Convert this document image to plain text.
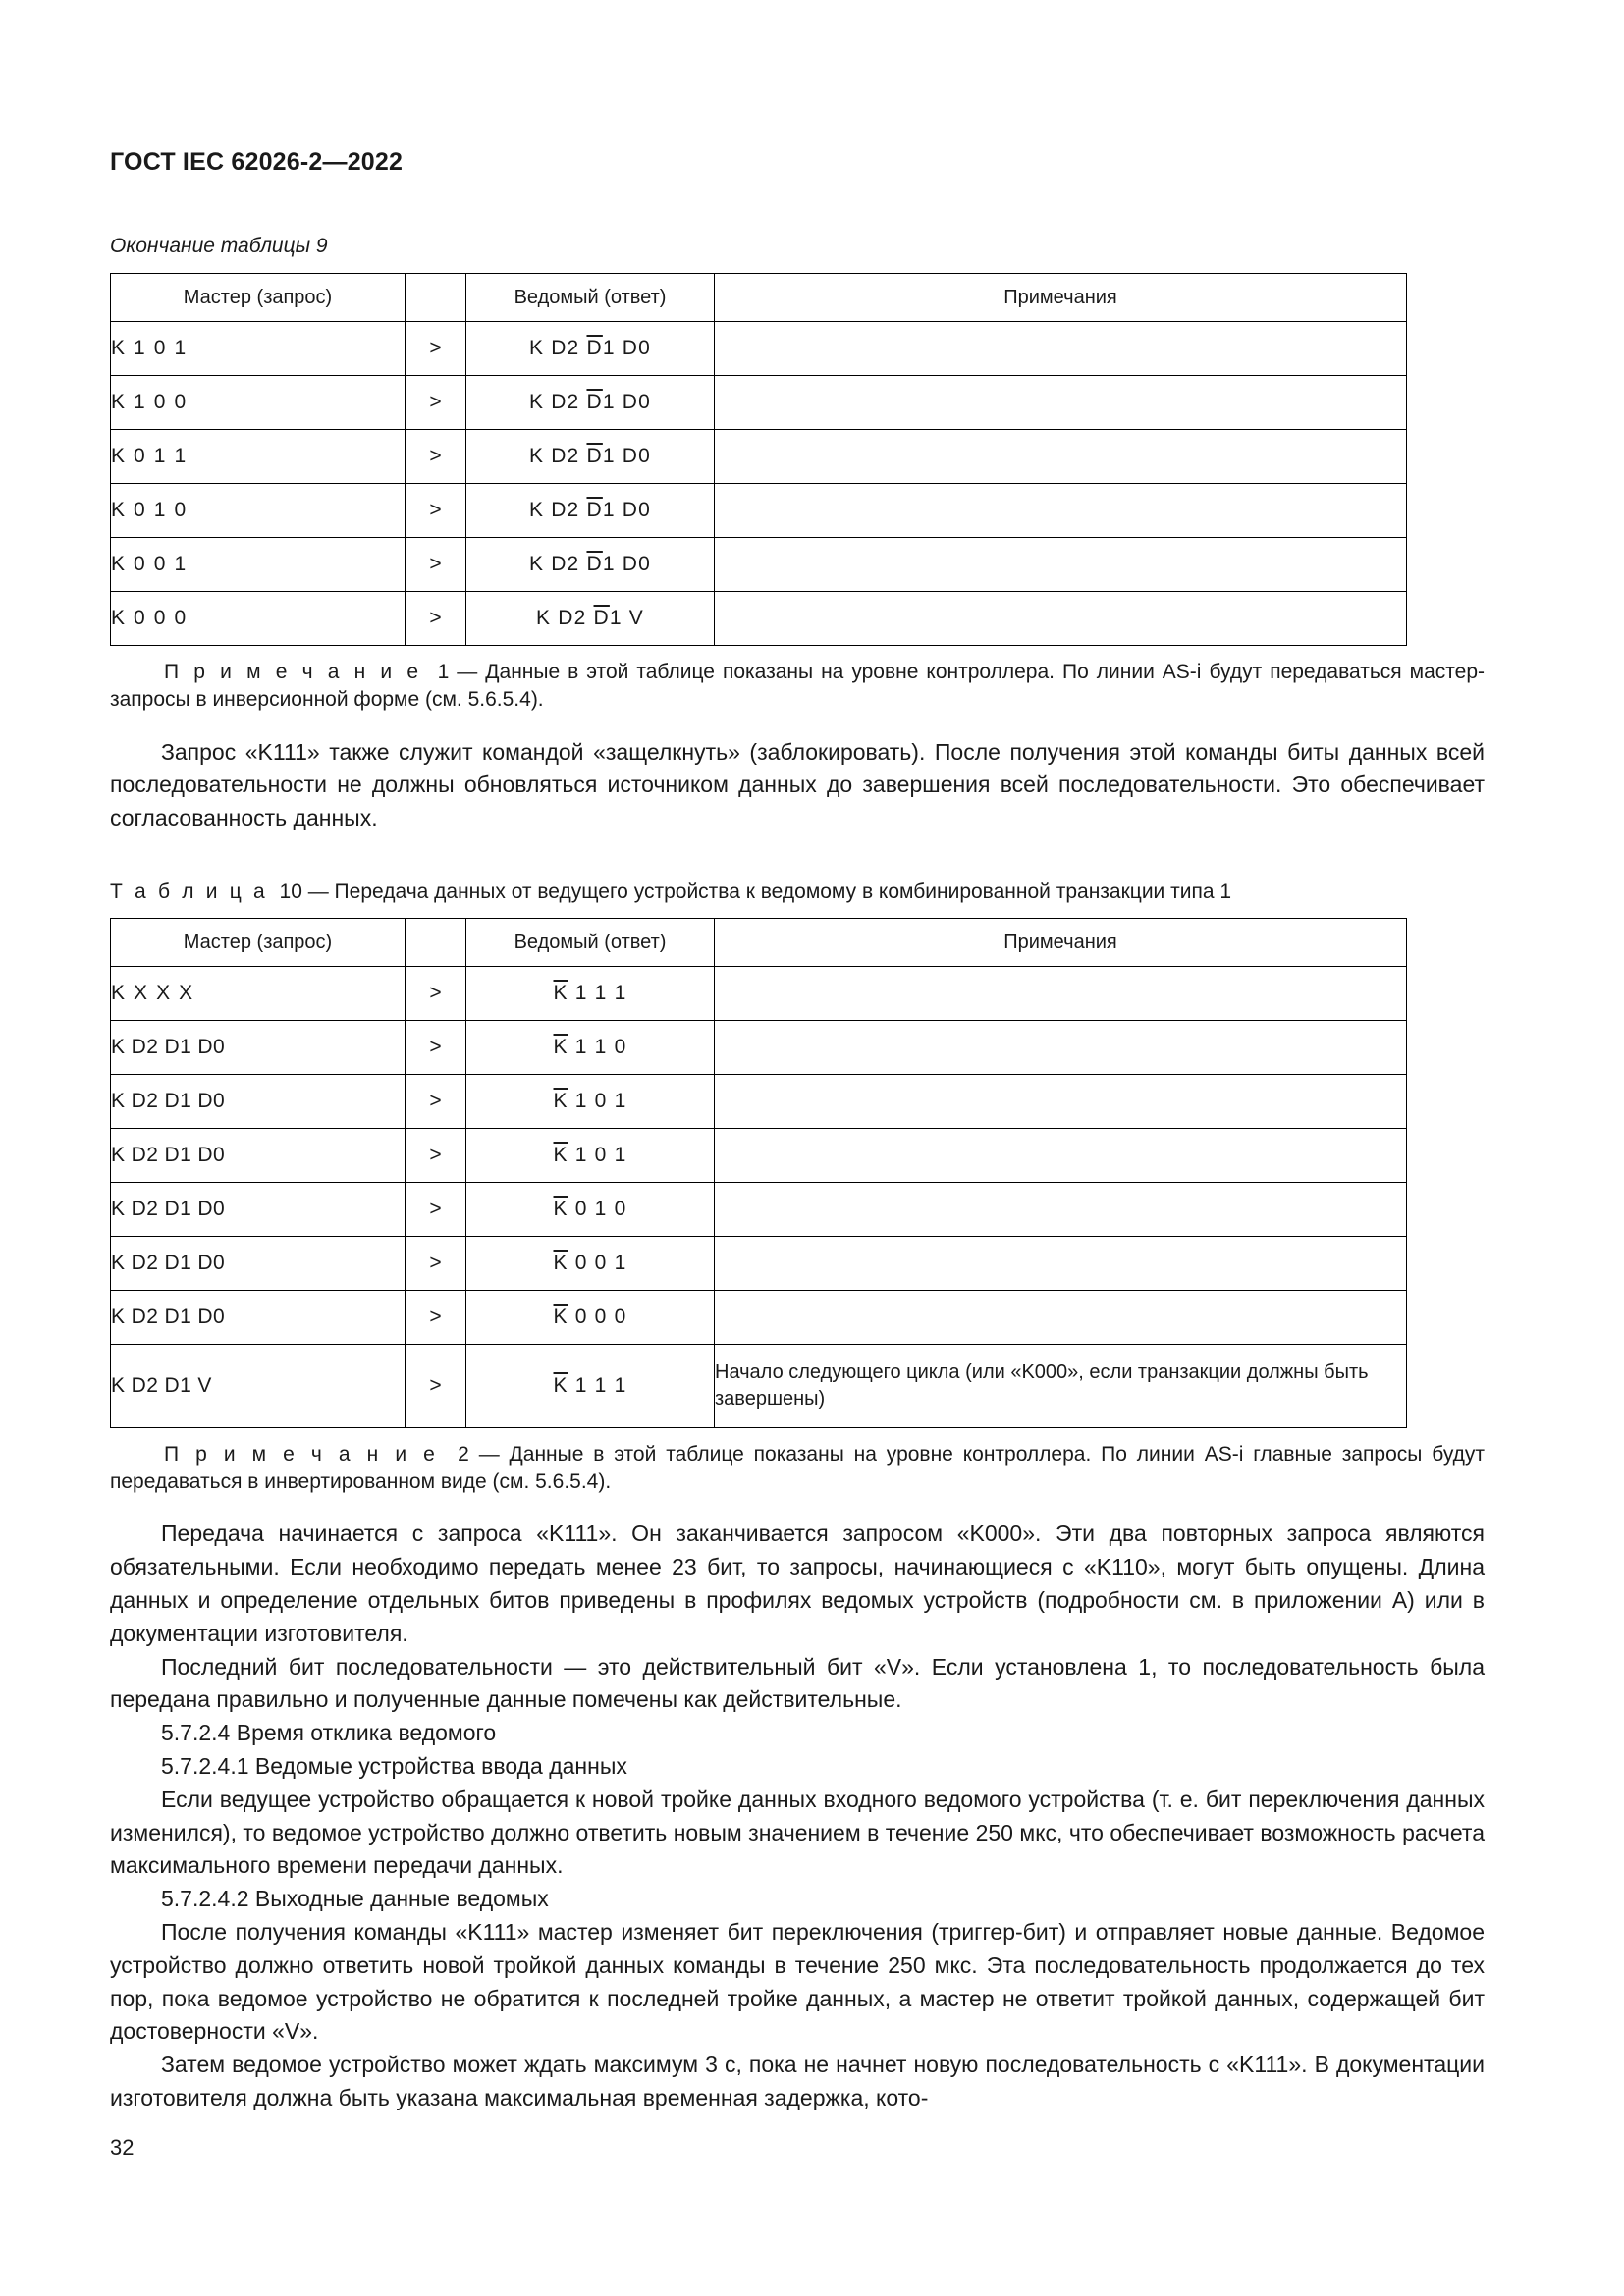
ГОСТ IEC 62026-2—2022
Окончание таблицы 9
Мастер (запрос)		Ведомый (ответ)	Примечания
K 1 0 1	>	K D2 $\overline{D}1$ D0	
K 1 0 0	>	K D2 $\overline{D}1$ D0	
K 0 1 1	>	K D2 $\overline{D}1$ D0	
K 0 1 0	>	K D2 $\overline{D}1$ D0	
K 0 0 1	>	K D2 $\overline{D}1$ D0	
K 0 0 0	>	K D2 $\overline{D}1$ V	

П р и м е ч а н и е 1 — Данные в этой таблице показаны на уровне контроллера. По линии AS-i будут передаваться мастер-запросы в инверсионной форме (см. 5.6.5.4).

Запрос «K111» также служит командой «защелкнуть» (заблокировать). После получения этой команды биты данных всей последовательности не должны обновляться источником данных до завершения всей последовательности. Это обеспечивает согласованность данных.

Т а б л и ц а 10 — Передача данных от ведущего устройства к ведомому в комбинированной транзакции типа 1
Мастер (запрос)		Ведомый (ответ)	Примечания
K X X X	>	$\overline{K}$ 1 1 1	
K D2 D1 D0	>	$\overline{K}$ 1 1 0	
K D2 D1 D0	>	$\overline{K}$ 1 0 1	
K D2 D1 D0	>	$\overline{K}$ 1 0 1	
K D2 D1 D0	>	$\overline{K}$ 0 1 0	
K D2 D1 D0	>	$\overline{K}$ 0 0 1	
K D2 D1 D0	>	$\overline{K}$ 0 0 0	
K D2 D1 V	>	$\overline{K}$ 1 1 1	Начало следующего цикла (или «K000», если транзакции должны быть завершены)

П р и м е ч а н и е 2 — Данные в этой таблице показаны на уровне контроллера. По линии AS-i главные запросы будут передаваться в инвертированном виде (см. 5.6.5.4).

Передача начинается с запроса «K111». Он заканчивается запросом «K000». Эти два повторных запроса являются обязательными. Если необходимо передать менее 23 бит, то запросы, начинающиеся с «K110», могут быть опущены. Длина данных и определение отдельных битов приведены в профилях ведомых устройств (подробности см. в приложении A) или в документации изготовителя.

Последний бит последовательности — это действительный бит «V». Если установлена 1, то последовательность была передана правильно и полученные данные помечены как действительные.

5.7.2.4 Время отклика ведомого

5.7.2.4.1 Ведомые устройства ввода данных

Если ведущее устройство обращается к новой тройке данных входного ведомого устройства (т. е. бит переключения данных изменился), то ведомое устройство должно ответить новым значением в течение 250 мкс, что обеспечивает возможность расчета максимального времени передачи данных.

5.7.2.4.2 Выходные данные ведомых

После получения команды «K111» мастер изменяет бит переключения (триггер-бит) и отправляет новые данные. Ведомое устройство должно ответить новой тройкой данных команды в течение 250 мкс. Эта последовательность продолжается до тех пор, пока ведомое устройство не обратится к последней тройке данных, а мастер не ответит тройкой данных, содержащей бит достоверности «V».

Затем ведомое устройство может ждать максимум 3 с, пока не начнет новую последовательность с «K111». В документации изготовителя должна быть указана максимальная временная задержка, кото-

32
